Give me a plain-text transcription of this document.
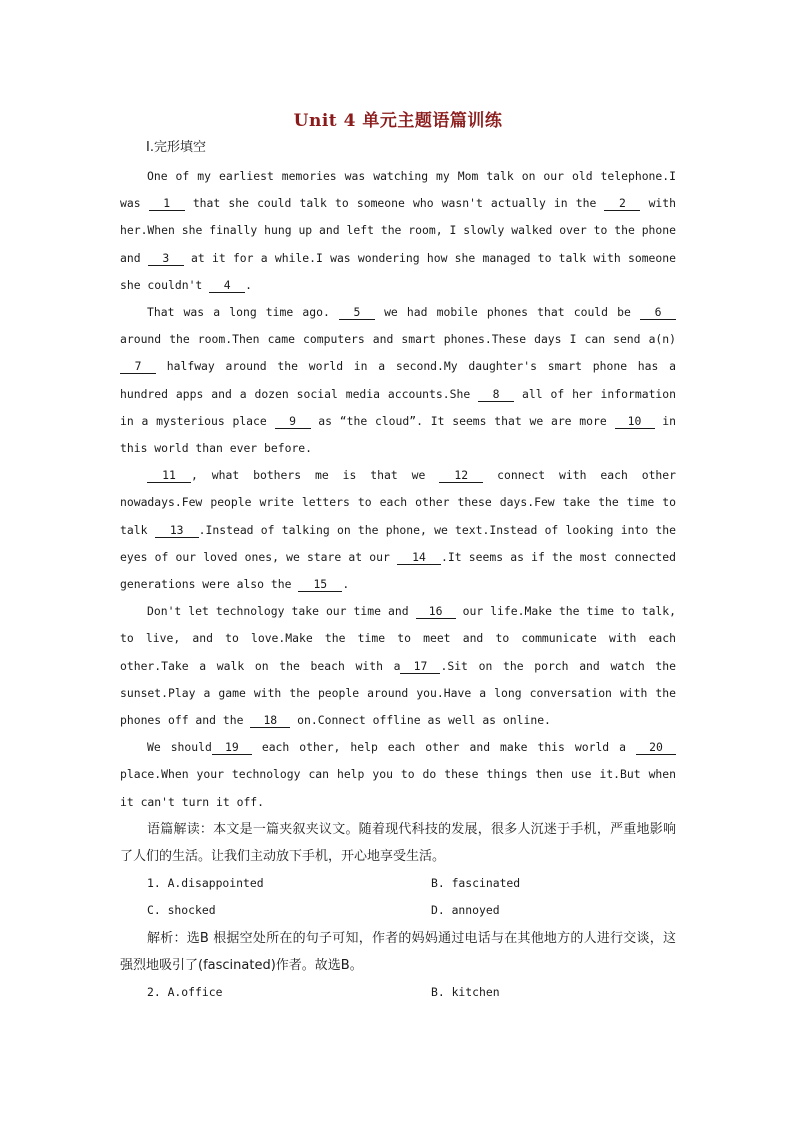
Unit 4 单元主题语篇训练
Ⅰ.完形填空

One of my earliest memories was watching my Mom talk on our old telephone.I was 1 that she could talk to someone who wasn't actually in the 2 with her.When she finally hung up and left the room, I slowly walked over to the phone and 3 at it for a while.I was wondering how she managed to talk with someone she couldn't 4 .

That was a long time ago. 5 we had mobile phones that could be 6 around the room.Then came computers and smart phones.These days I can send a(n) 7 halfway around the world in a second.My daughter's smart phone has a hundred apps and a dozen social media accounts.She 8 all of her information in a mysterious place 9 as “the cloud”. It seems that we are more 10 in this world than ever before.

11 , what bothers me is that we 12 connect with each other nowadays.Few people write letters to each other these days.Few take the time to talk 13 .Instead of talking on the phone, we text.Instead of looking into the eyes of our loved ones, we stare at our 14 .It seems as if the most connected generations were also the 15 .

Don't let technology take our time and 16 our life.Make the time to talk, to live, and to love.Make the time to meet and to communicate with each other.Take a walk on the beach with a 17 .Sit on the porch and watch the sunset.Play a game with the people around you.Have a long conversation with the phones off and the 18 on.Connect offline as well as online.

We should 19 each other, help each other and make this world a 20 place.When your technology can help you to do these things then use it.But when it can't turn it off.

语篇解读：本文是一篇夹叙夹议文。随着现代科技的发展，很多人沉迷于手机，严重地影响了人们的生活。让我们主动放下手机，开心地享受生活。

1. A.disappointed	B. fascinated
C. shocked	D. annoyed

解析：选B 根据空处所在的句子可知，作者的妈妈通过电话与在其他地方的人进行交谈，这强烈地吸引了(fascinated)作者。故选B。

2. A.office	B. kitchen
